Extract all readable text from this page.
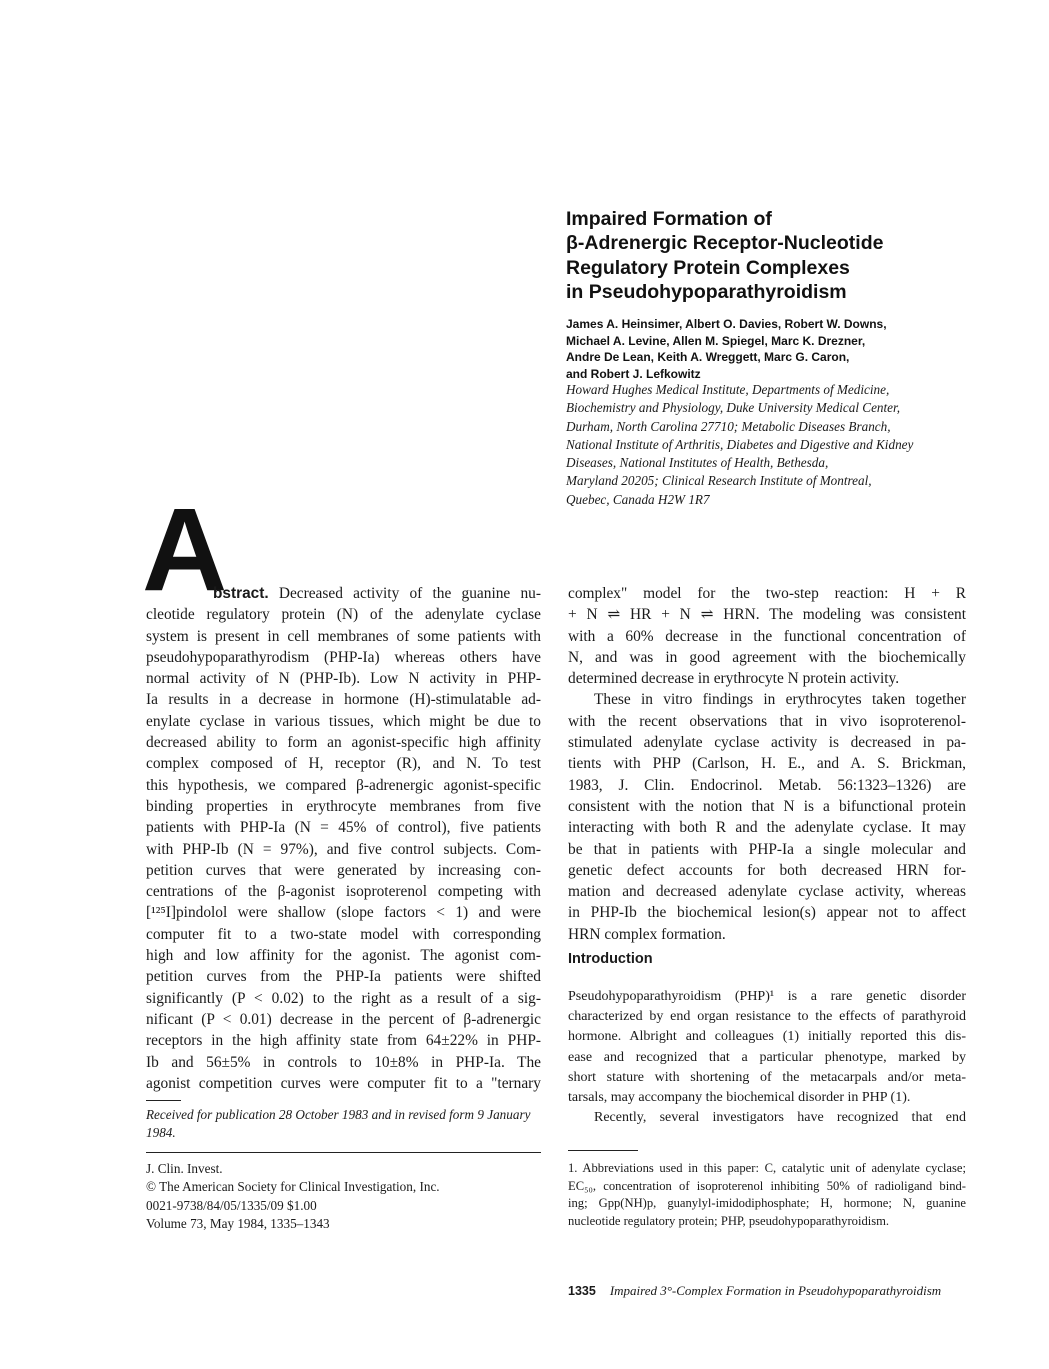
Impaired Formation of
β-Adrenergic Receptor-Nucleotide
Regulatory Protein Complexes
in Pseudohypoparathyroidism
James A. Heinsimer, Albert O. Davies, Robert W. Downs,
Michael A. Levine, Allen M. Spiegel, Marc K. Drezner,
Andre De Lean, Keith A. Wreggett, Marc G. Caron,
and Robert J. Lefkowitz
Howard Hughes Medical Institute, Departments of Medicine,
Biochemistry and Physiology, Duke University Medical Center,
Durham, North Carolina 27710; Metabolic Diseases Branch,
National Institute of Arthritis, Diabetes and Digestive and Kidney
Diseases, National Institutes of Health, Bethesda,
Maryland 20205; Clinical Research Institute of Montreal,
Quebec, Canada H2W 1R7
A
bstract. Decreased activity of the guanine nu-
cleotide regulatory protein (N) of the adenylate cyclase
system is present in cell membranes of some patients with
pseudohypoparathyrodism (PHP-Ia) whereas others have
normal activity of N (PHP-Ib). Low N activity in PHP-
Ia results in a decrease in hormone (H)-stimulatable ad-
enylate cyclase in various tissues, which might be due to
decreased ability to form an agonist-specific high affinity
complex composed of H, receptor (R), and N. To test
this hypothesis, we compared β-adrenergic agonist-specific
binding properties in erythrocyte membranes from five
patients with PHP-Ia (N = 45% of control), five patients
with PHP-Ib (N = 97%), and five control subjects. Com-
petition curves that were generated by increasing con-
centrations of the β-agonist isoproterenol competing with
[¹²⁵I]pindolol were shallow (slope factors < 1) and were
computer fit to a two-state model with corresponding
high and low affinity for the agonist. The agonist com-
petition curves from the PHP-Ia patients were shifted
significantly (P < 0.02) to the right as a result of a sig-
nificant (P < 0.01) decrease in the percent of β-adrenergic
receptors in the high affinity state from 64±22% in PHP-
Ib and 56±5% in controls to 10±8% in PHP-Ia. The
agonist competition curves were computer fit to a "ternary
complex" model for the two-step reaction: H + R
+ N ⇌ HR + N ⇌ HRN. The modeling was consistent
with a 60% decrease in the functional concentration of
N, and was in good agreement with the biochemically
determined decrease in erythrocyte N protein activity.
These in vitro findings in erythrocytes taken together
with the recent observations that in vivo isoproterenol-
stimulated adenylate cyclase activity is decreased in pa-
tients with PHP (Carlson, H. E., and A. S. Brickman,
1983, J. Clin. Endocrinol. Metab. 56:1323–1326) are
consistent with the notion that N is a bifunctional protein
interacting with both R and the adenylate cyclase. It may
be that in patients with PHP-Ia a single molecular and
genetic defect accounts for both decreased HRN for-
mation and decreased adenylate cyclase activity, whereas
in PHP-Ib the biochemical lesion(s) appear not to affect
HRN complex formation.
Introduction
Pseudohypoparathyroidism (PHP)¹ is a rare genetic disorder
characterized by end organ resistance to the effects of parathyroid
hormone. Albright and colleagues (1) initially reported this dis-
ease and recognized that a particular phenotype, marked by
short stature with shortening of the metacarpals and/or meta-
tarsals, may accompany the biochemical disorder in PHP (1).
Recently, several investigators have recognized that end
Received for publication 28 October 1983 and in revised form 9 January
1984.
J. Clin. Invest.
© The American Society for Clinical Investigation, Inc.
0021-9738/84/05/1335/09 $1.00
Volume 73, May 1984, 1335–1343
1. Abbreviations used in this paper: C, catalytic unit of adenylate cyclase;
EC₅₀, concentration of isoproterenol inhibiting 50% of radioligand bind-
ing; Gpp(NH)p, guanylyl-imidodiphosphate; H, hormone; N, guanine
nucleotide regulatory protein; PHP, pseudohypoparathyroidism.
1335 Impaired 3°-Complex Formation in Pseudohypoparathyroidism
